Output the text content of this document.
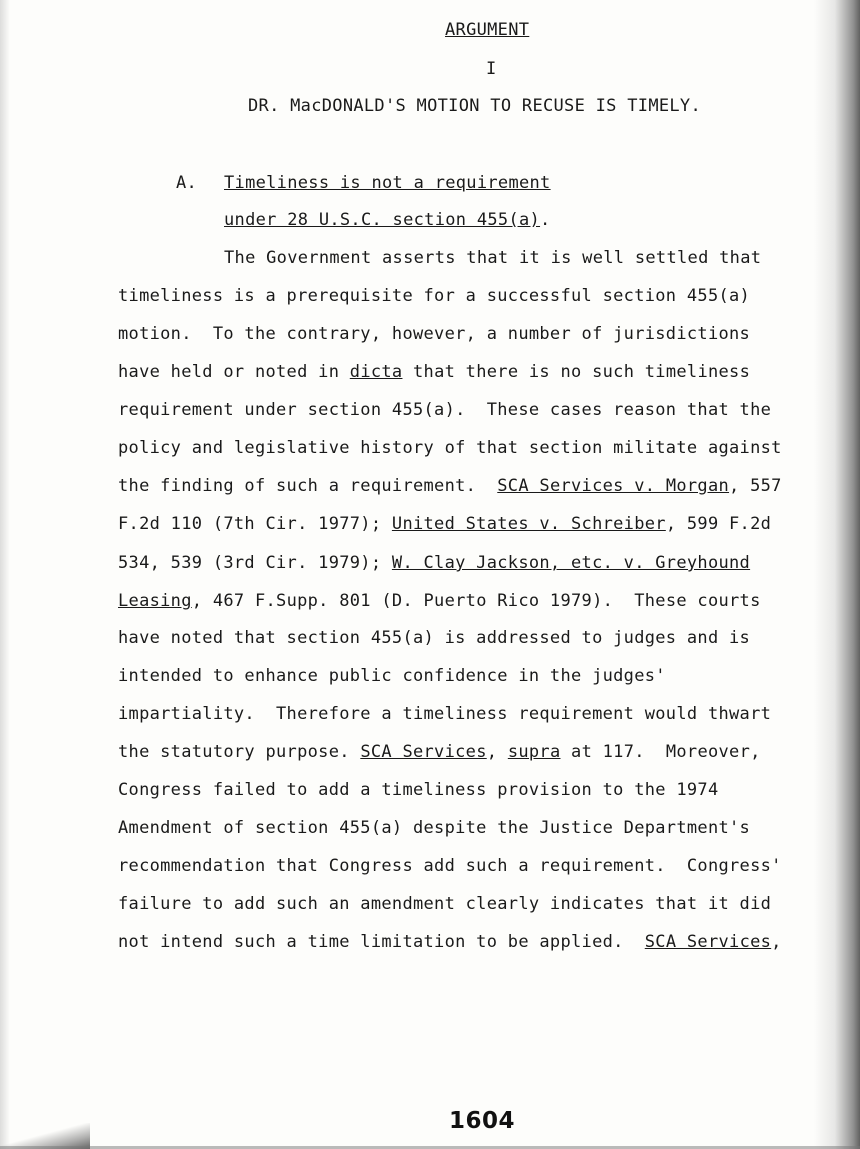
ARGUMENT
I
DR. MacDONALD'S MOTION TO RECUSE IS TIMELY.
A. Timeliness is not a requirement
under 28 U.S.C. section 455(a).
The Government asserts that it is well settled that
timeliness is a prerequisite for a successful section 455(a)
motion.  To the contrary, however, a number of jurisdictions
have held or noted in dicta that there is no such timeliness
requirement under section 455(a).  These cases reason that the
policy and legislative history of that section militate against
the finding of such a requirement.  SCA Services v. Morgan, 557
F.2d 110 (7th Cir. 1977); United States v. Schreiber, 599 F.2d
534, 539 (3rd Cir. 1979); W. Clay Jackson, etc. v. Greyhound
Leasing, 467 F.Supp. 801 (D. Puerto Rico 1979).  These courts
have noted that section 455(a) is addressed to judges and is
intended to enhance public confidence in the judges'
impartiality.  Therefore a timeliness requirement would thwart
the statutory purpose. SCA Services, supra at 117.  Moreover,
Congress failed to add a timeliness provision to the 1974
Amendment of section 455(a) despite the Justice Department's
recommendation that Congress add such a requirement.  Congress'
failure to add such an amendment clearly indicates that it did
not intend such a time limitation to be applied.  SCA Services,
1604
